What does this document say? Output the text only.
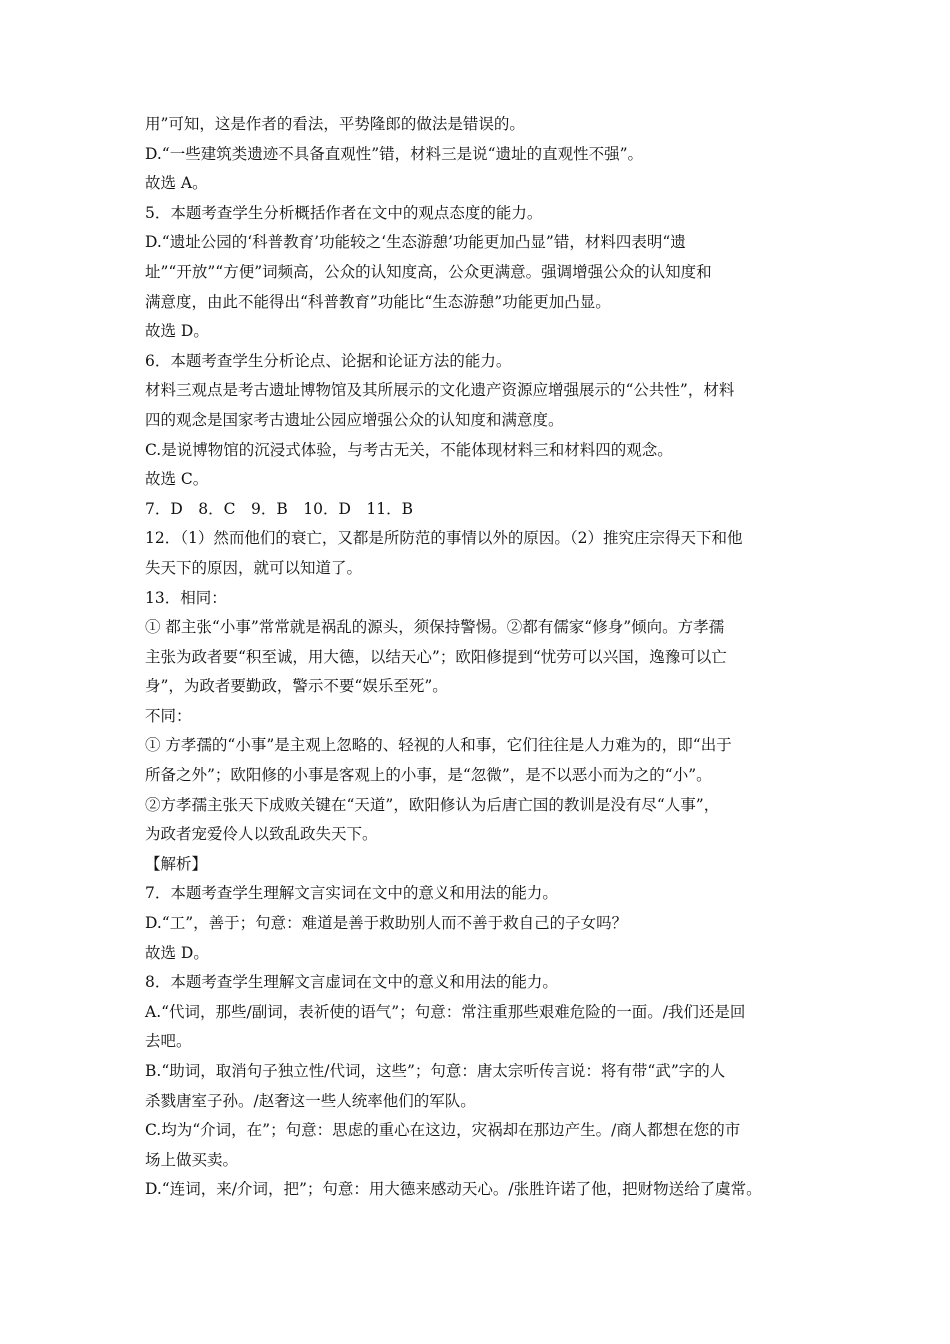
用”可知，这是作者的看法，平势隆郎的做法是错误的。
D.“一些建筑类遗迹不具备直观性”错，材料三是说“遗址的直观性不强”。
故选 A。
5．本题考查学生分析概括作者在文中的观点态度的能力。
D.“遗址公园的‘科普教育’功能较之‘生态游憩’功能更加凸显”错，材料四表明“遗
址”“开放”“方便”词频高，公众的认知度高，公众更满意。强调增强公众的认知度和
满意度，由此不能得出“科普教育”功能比“生态游憩”功能更加凸显。
故选 D。
6．本题考查学生分析论点、论据和论证方法的能力。
材料三观点是考古遗址博物馆及其所展示的文化遗产资源应增强展示的“公共性”，材料
四的观念是国家考古遗址公园应增强公众的认知度和满意度。
C.是说博物馆的沉浸式体验，与考古无关，不能体现材料三和材料四的观念。
故选 C。
7．D　8．C　9．B　10．D　11．B
12．（1）然而他们的衰亡，又都是所防范的事情以外的原因。（2）推究庄宗得天下和他
失天下的原因，就可以知道了。
13．相同：
① 都主张“小事”常常就是祸乱的源头，须保持警惕。②都有儒家“修身”倾向。方孝孺
主张为政者要“积至诚，用大德，以结天心”；欧阳修提到“忧劳可以兴国，逸豫可以亡
身”，为政者要勤政，警示不要“娱乐至死”。
不同：
① 方孝孺的“小事”是主观上忽略的、轻视的人和事，它们往往是人力难为的，即“出于
所备之外”；欧阳修的小事是客观上的小事，是“忽微”，是不以恶小而为之的“小”。
②方孝孺主张天下成败关键在“天道”，欧阳修认为后唐亡国的教训是没有尽“人事”，
为政者宠爱伶人以致乱政失天下。
【解析】
7．本题考查学生理解文言实词在文中的意义和用法的能力。
D.“工”，善于；句意：难道是善于救助别人而不善于救自己的子女吗？
故选 D。
8．本题考查学生理解文言虚词在文中的意义和用法的能力。
A.“代词，那些/副词，表祈使的语气”；句意：常注重那些艰难危险的一面。/我们还是回
去吧。
B.“助词，取消句子独立性/代词，这些”；句意：唐太宗听传言说：将有带“武”字的人
杀戮唐室子孙。/赵奢这一些人统率他们的军队。
C.均为“介词，在”；句意：思虑的重心在这边，灾祸却在那边产生。/商人都想在您的市
场上做买卖。
D.“连词，来/介词，把”；句意：用大德来感动天心。/张胜许诺了他，把财物送给了虞常。
